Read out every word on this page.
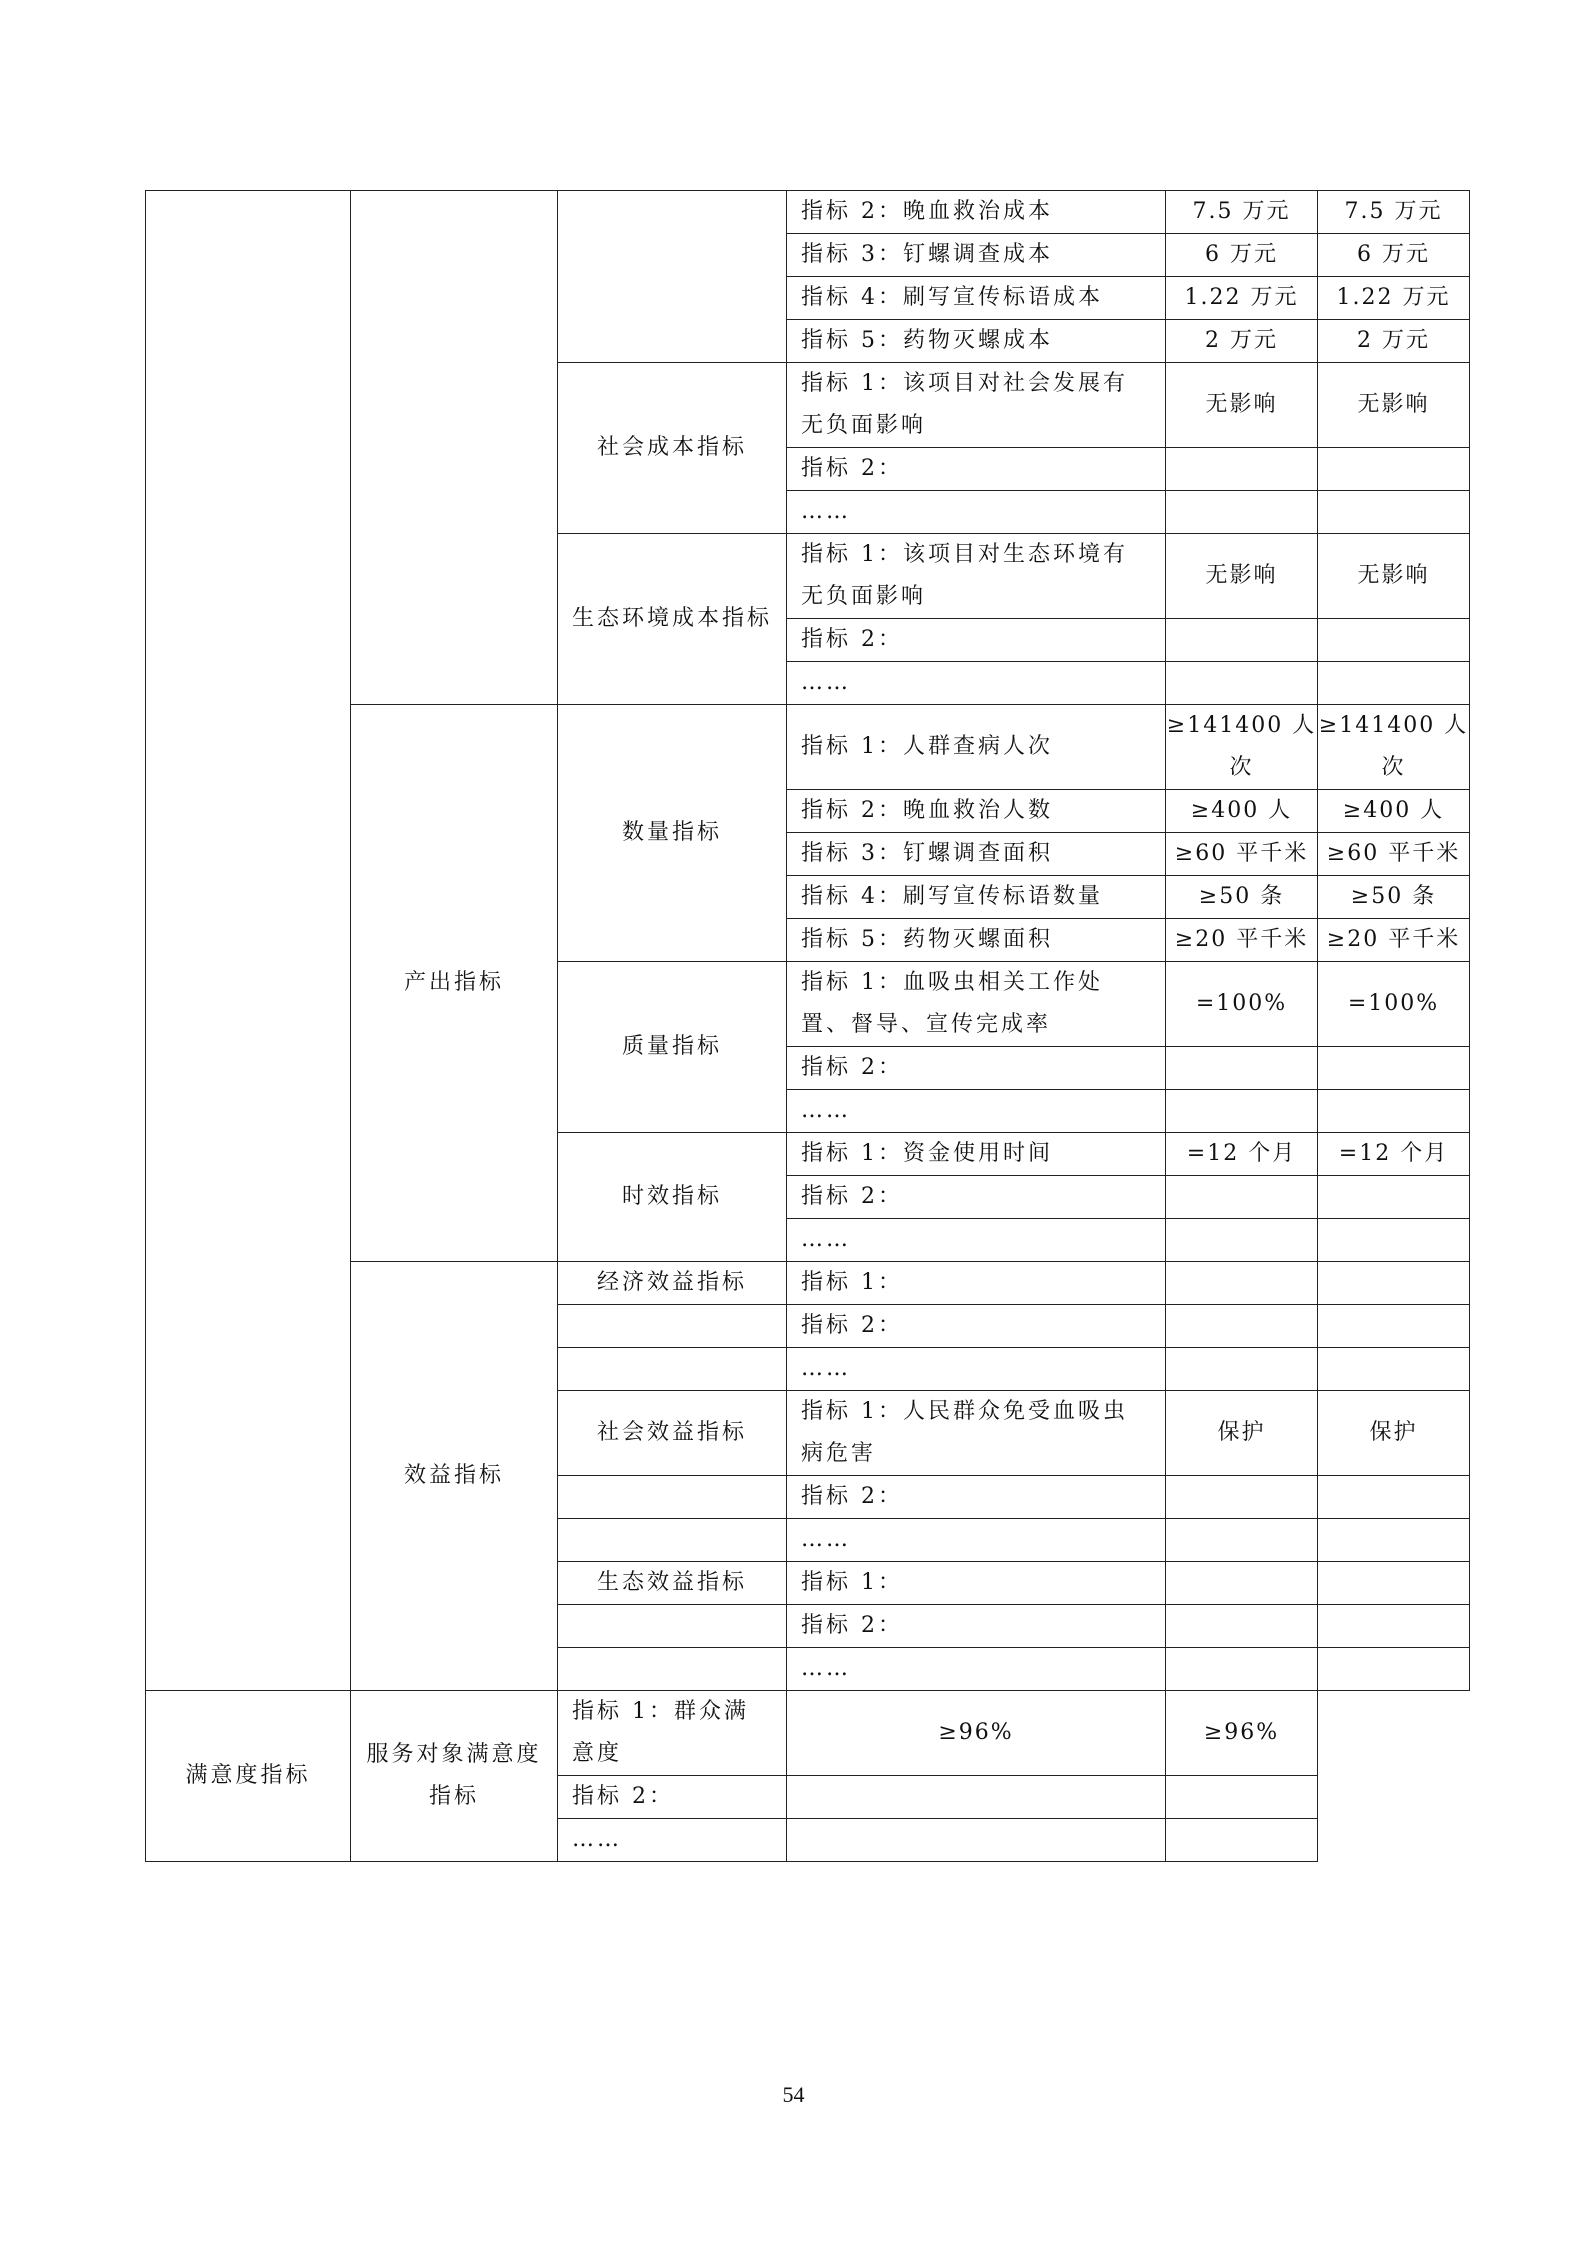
			指标 2：晚血救治成本	7.5 万元	7.5 万元
			指标 3：钉螺调查成本	6 万元	6 万元
			指标 4：刷写宣传标语成本	1.22 万元	1.22 万元
			指标 5：药物灭螺成本	2 万元	2 万元
		社会成本指标	指标 1：该项目对社会发展有无负面影响	无影响	无影响
			指标 2：		
			……		
		生态环境成本指标	指标 1：该项目对生态环境有无负面影响	无影响	无影响
			指标 2：		
			……		
	产出指标	数量指标	指标 1：人群查病人次	≥141400 人次	≥141400 人次
			指标 2：晚血救治人数	≥400 人	≥400 人
			指标 3：钉螺调查面积	≥60 平千米	≥60 平千米
			指标 4：刷写宣传标语数量	≥50 条	≥50 条
			指标 5：药物灭螺面积	≥20 平千米	≥20 平千米
		质量指标	指标 1：血吸虫相关工作处置、督导、宣传完成率	=100%	=100%
			指标 2：		
			……		
		时效指标	指标 1：资金使用时间	=12 个月	=12 个月
			指标 2：		
			……		
	效益指标	经济效益指标	指标 1：		
			指标 2：		
			……		
		社会效益指标	指标 1：人民群众免受血吸虫病危害	保护	保护
			指标 2：		
			……		
		生态效益指标	指标 1：		
			指标 2：		
			……		
满意度指标	服务对象满意度指标	指标 1：群众满意度	≥96%	≥96%	
		指标 2：			
		……			
54
